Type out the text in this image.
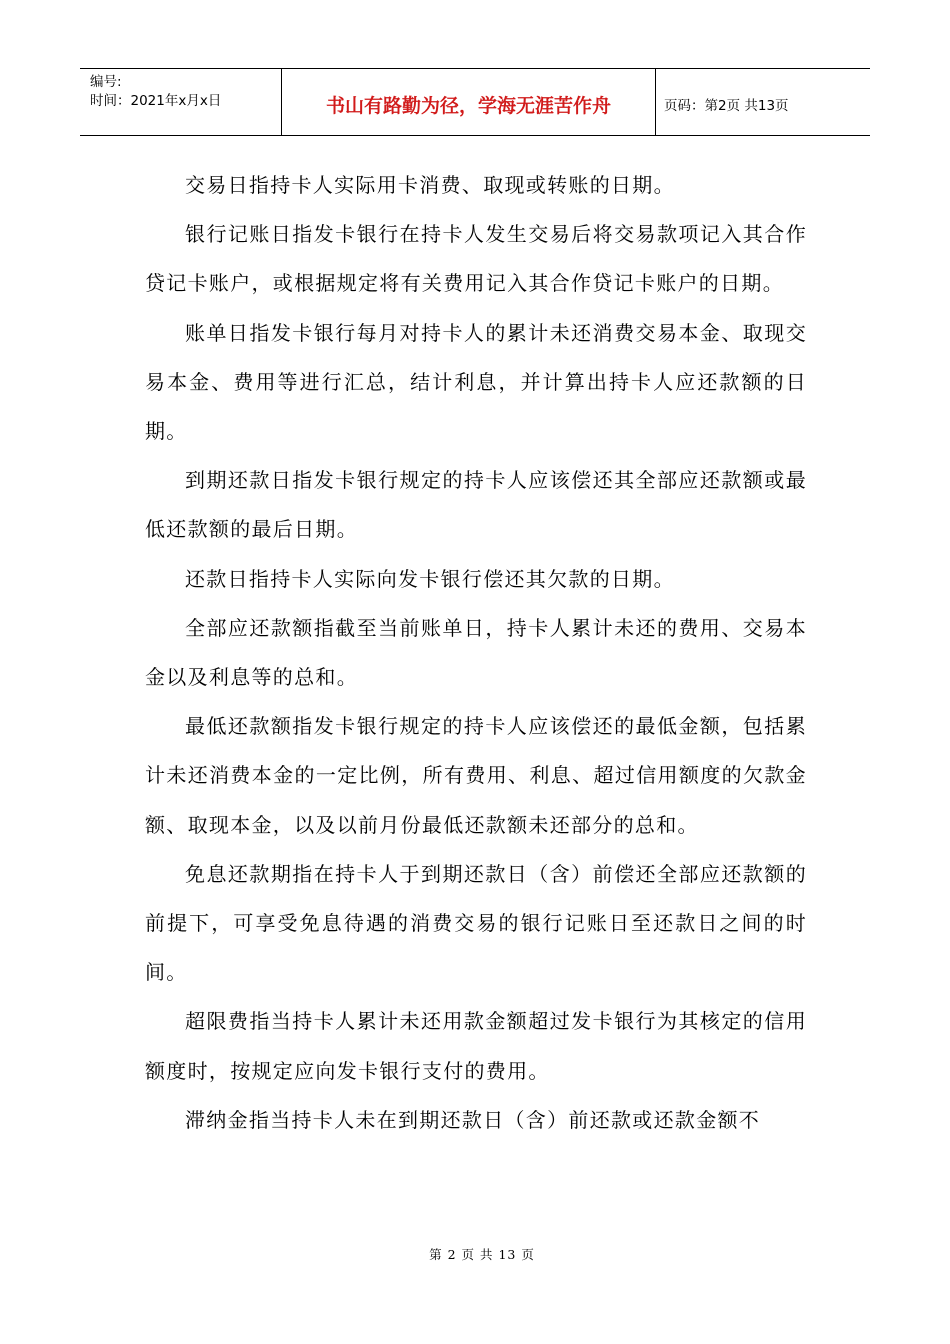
编号:
时间：2021年x月x日	书山有路勤为径，学海无涯苦作舟	页码：第2页 共13页

交易日指持卡人实际用卡消费、取现或转账的日期。

银行记账日指发卡银行在持卡人发生交易后将交易款项记入其合作贷记卡账户，或根据规定将有关费用记入其合作贷记卡账户的日期。

账单日指发卡银行每月对持卡人的累计未还消费交易本金、取现交易本金、费用等进行汇总，结计利息，并计算出持卡人应还款额的日期。

到期还款日指发卡银行规定的持卡人应该偿还其全部应还款额或最低还款额的最后日期。

还款日指持卡人实际向发卡银行偿还其欠款的日期。

全部应还款额指截至当前账单日，持卡人累计未还的费用、交易本金以及利息等的总和。

最低还款额指发卡银行规定的持卡人应该偿还的最低金额，包括累计未还消费本金的一定比例，所有费用、利息、超过信用额度的欠款金额、取现本金，以及以前月份最低还款额未还部分的总和。

免息还款期指在持卡人于到期还款日（含）前偿还全部应还款额的前提下，可享受免息待遇的消费交易的银行记账日至还款日之间的时间。

超限费指当持卡人累计未还用款金额超过发卡银行为其核定的信用额度时，按规定应向发卡银行支付的费用。

滞纳金指当持卡人未在到期还款日（含）前还款或还款金额不

第 2 页 共 13 页
